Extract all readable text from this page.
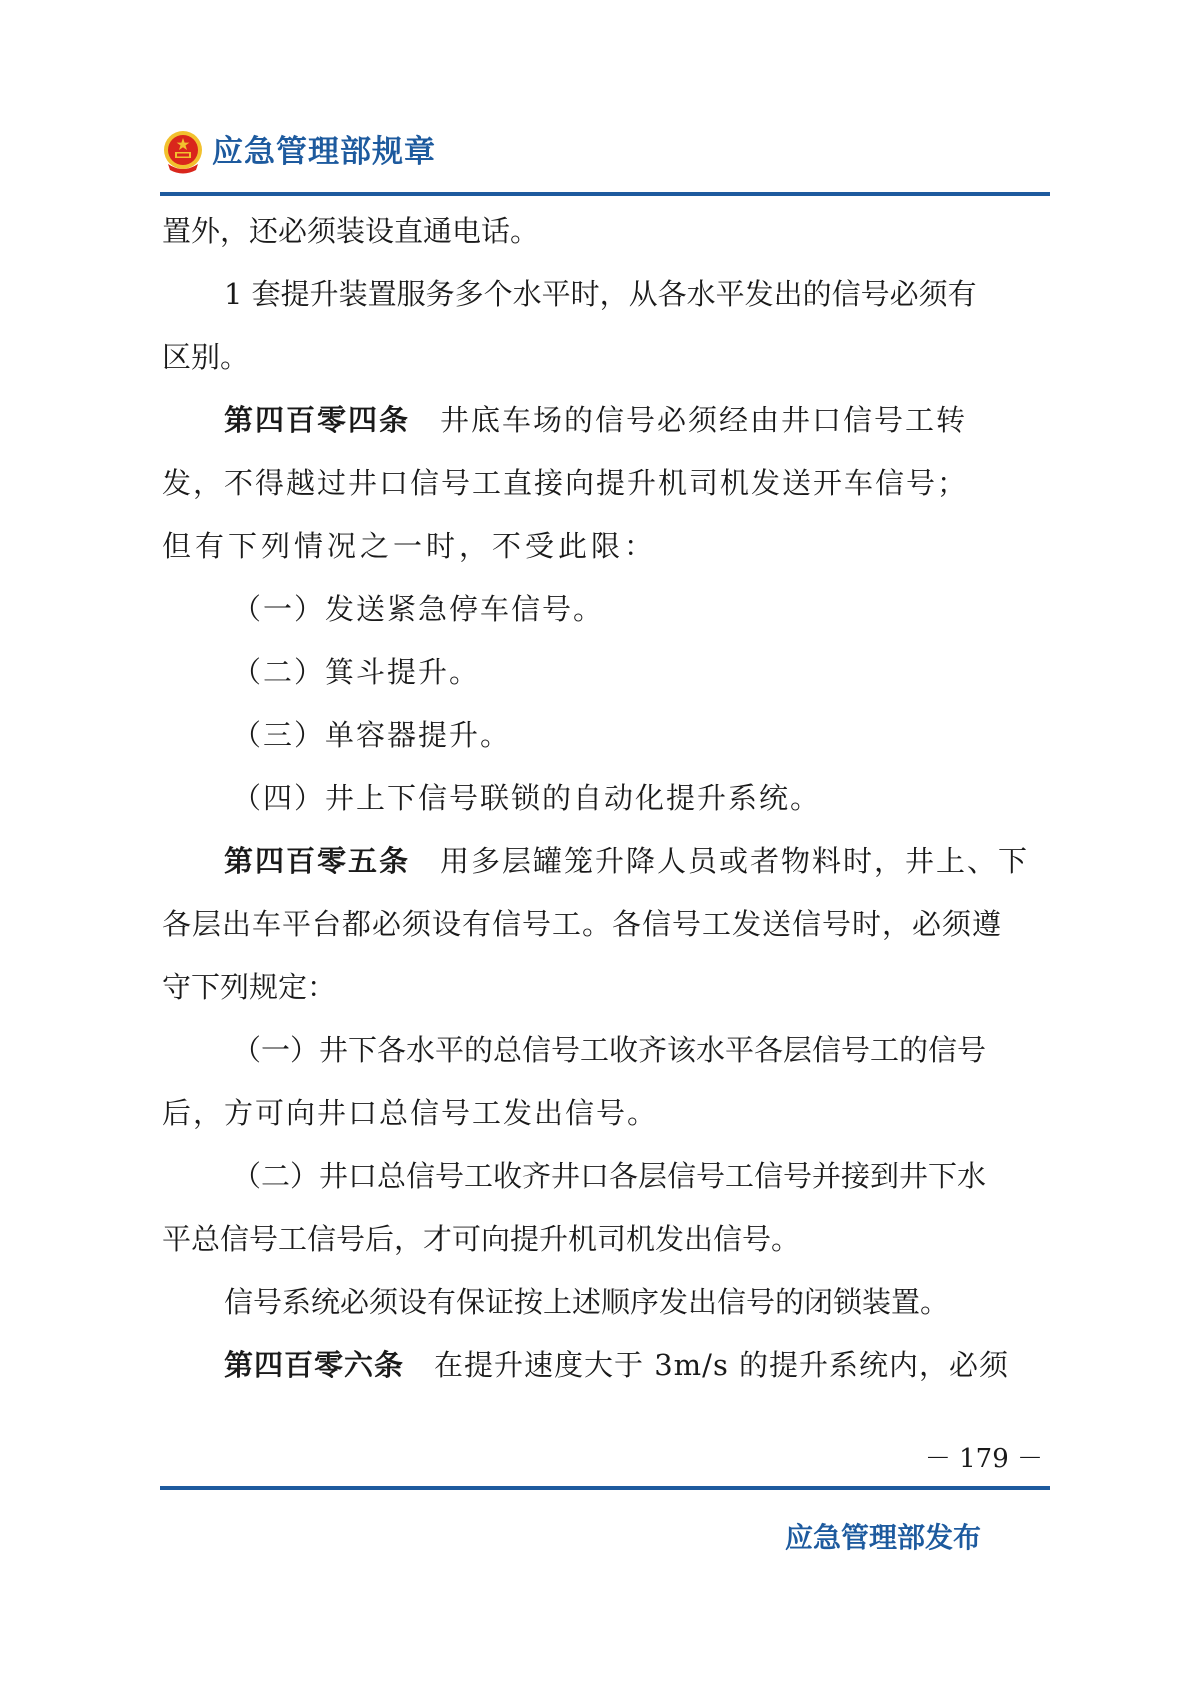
应急管理部规章

置外，还必须装设直通电话。

1 套提升装置服务多个水平时，从各水平发出的信号必须有

区别。

第四百零四条 井底车场的信号必须经由井口信号工转

发，不得越过井口信号工直接向提升机司机发送开车信号；

但有下列情况之一时，不受此限：

（一）发送紧急停车信号。

（二）箕斗提升。

（三）单容器提升。

（四）井上下信号联锁的自动化提升系统。

第四百零五条 用多层罐笼升降人员或者物料时，井上、下

各层出车平台都必须设有信号工。各信号工发送信号时，必须遵

守下列规定：

（一）井下各水平的总信号工收齐该水平各层信号工的信号

后，方可向井口总信号工发出信号。

（二）井口总信号工收齐井口各层信号工信号并接到井下水

平总信号工信号后，才可向提升机司机发出信号。

信号系统必须设有保证按上述顺序发出信号的闭锁装置。

第四百零六条 在提升速度大于 3m/s 的提升系统内，必须

－ 179 －
应急管理部发布
